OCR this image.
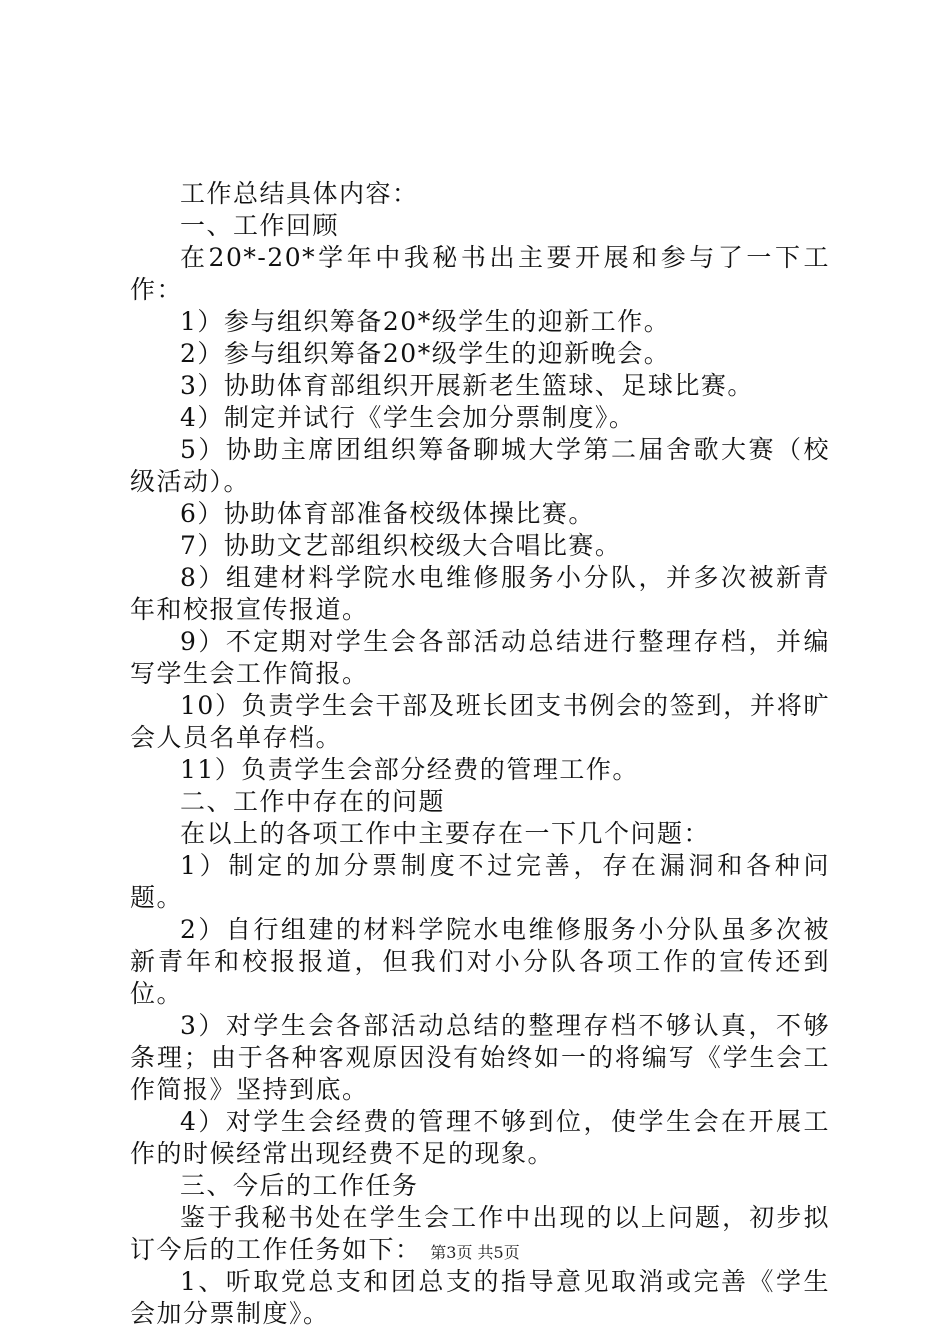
工作总结具体内容：

一、工作回顾

在20*-20*学年中我秘书出主要开展和参与了一下工作：

1）参与组织筹备20*级学生的迎新工作。

2）参与组织筹备20*级学生的迎新晚会。

3）协助体育部组织开展新老生篮球、足球比赛。

4）制定并试行《学生会加分票制度》。

5）协助主席团组织筹备聊城大学第二届舍歌大赛（校级活动）。

6）协助体育部准备校级体操比赛。

7）协助文艺部组织校级大合唱比赛。

8）组建材料学院水电维修服务小分队，并多次被新青年和校报宣传报道。

9）不定期对学生会各部活动总结进行整理存档，并编写学生会工作简报。

10）负责学生会干部及班长团支书例会的签到，并将旷会人员名单存档。

11）负责学生会部分经费的管理工作。

二、工作中存在的问题

在以上的各项工作中主要存在一下几个问题：

1）制定的加分票制度不过完善，存在漏洞和各种问题。

2）自行组建的材料学院水电维修服务小分队虽多次被新青年和校报报道，但我们对小分队各项工作的宣传还到位。

3）对学生会各部活动总结的整理存档不够认真，不够条理；由于各种客观原因没有始终如一的将编写《学生会工作简报》坚持到底。

4）对学生会经费的管理不够到位，使学生会在开展工作的时候经常出现经费不足的现象。

三、今后的工作任务

鉴于我秘书处在学生会工作中出现的以上问题，初步拟订今后的工作任务如下：

1、听取党总支和团总支的指导意见取消或完善《学生会加分票制度》。

第3页 共5页
